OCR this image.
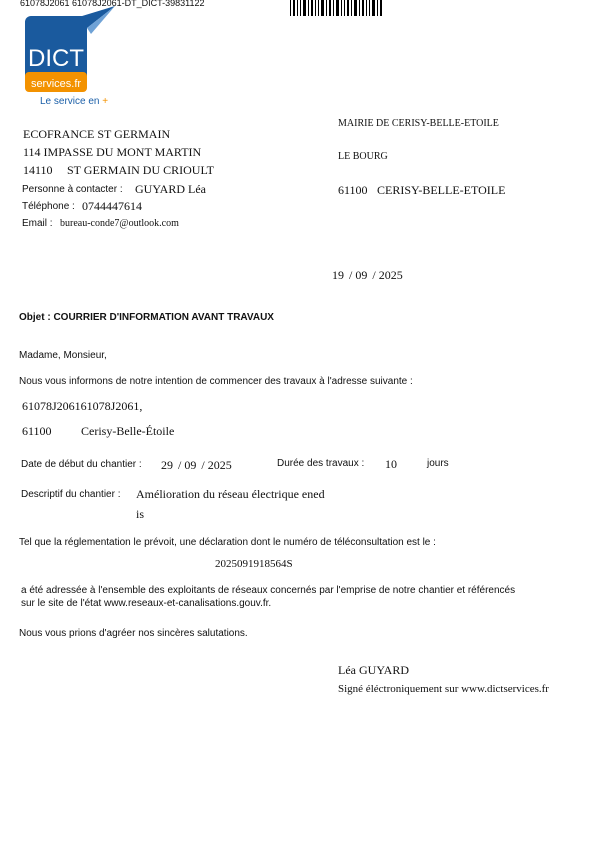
61078J2061 61078J2061-DT_DICT-39831122
DICT
services.fr
Le service en +
ECOFRANCE ST GERMAIN
114 IMPASSE DU MONT MARTIN
14110 ST GERMAIN DU CRIOULT
Personne à contacter : GUYARD Léa
Téléphone : 0744447614
Email : bureau-conde7@outlook.com
MAIRIE DE CERISY-BELLE-ETOILE
LE BOURG
61100 CERISY-BELLE-ETOILE
19 / 09 / 2025
Objet : COURRIER D'INFORMATION AVANT TRAVAUX
Madame, Monsieur,
Nous vous informons de notre intention de commencer des travaux à l'adresse suivante :
61078J206161078J2061,
61100 Cerisy-Belle-Étoile
Date de début du chantier : 29 / 09 / 2025	Durée des travaux : 10	jours
Descriptif du chantier : Amélioration du réseau électrique ened
is
Tel que la réglementation le prévoit, une déclaration dont le numéro de téléconsultation est le :
2025091918564S
a été adressée à l'ensemble des exploitants de réseaux concernés par l'emprise de notre chantier et référencés
sur le site de l'état www.reseaux-et-canalisations.gouv.fr.
Nous vous prions d'agréer nos sincères salutations.
Léa GUYARD
Signé éléctroniquement sur www.dictservices.fr
